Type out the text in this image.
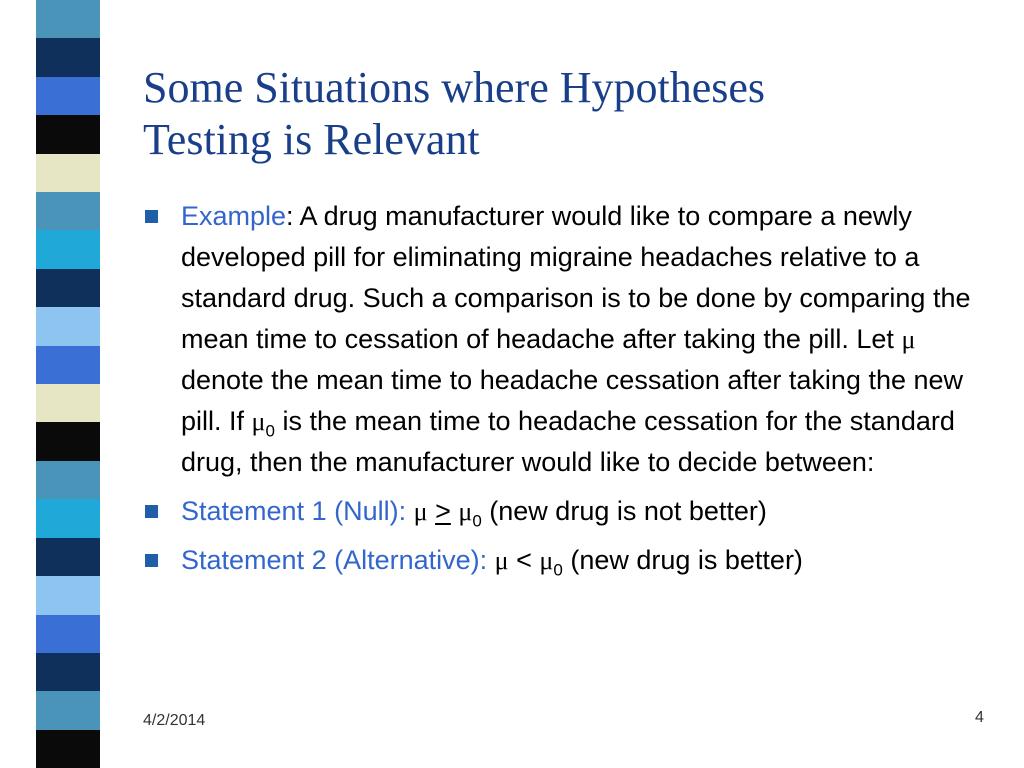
Some Situations where Hypotheses
Testing is Relevant
Example: A drug manufacturer would like to compare a newly developed pill for eliminating migraine headaches relative to a standard drug. Such a comparison is to be done by comparing the mean time to cessation of headache after taking the pill. Let μ denote the mean time to headache cessation after taking the new pill. If $\mu_0$ is the mean time to headache cessation for the standard drug, then the manufacturer would like to decide between:
Statement 1 (Null): $\mu \ge \mu_0$ (new drug is not better)
Statement 2 (Alternative): $\mu < \mu_0$ (new drug is better)
4/2/2014	4
